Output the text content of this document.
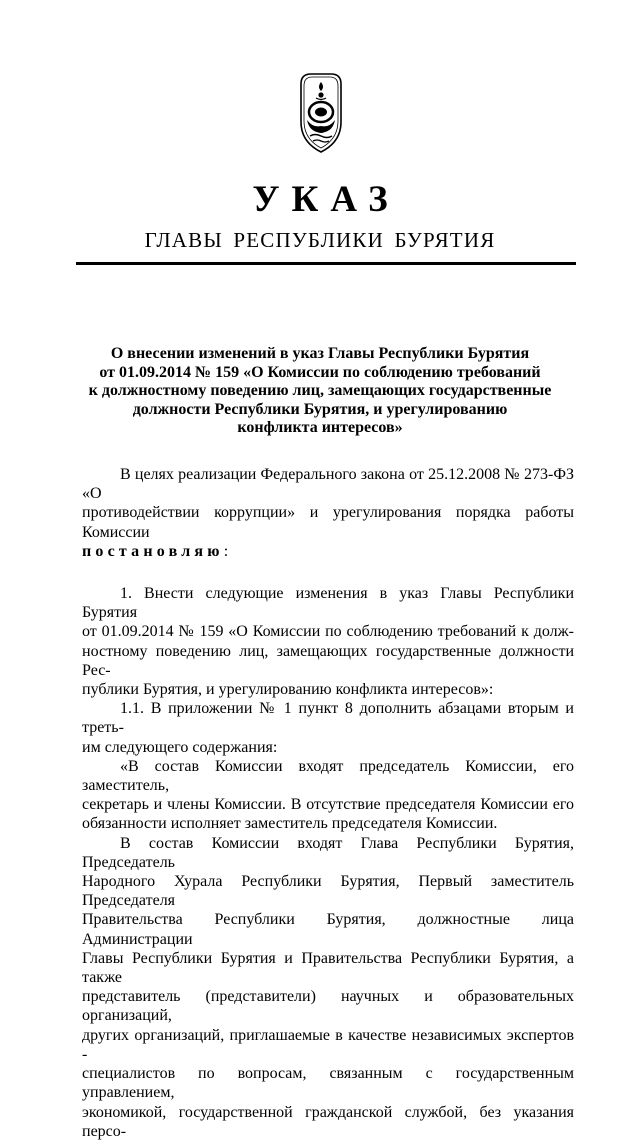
УКАЗ
ГЛАВЫ РЕСПУБЛИКИ БУРЯТИЯ
О внесении изменений в указ Главы Республики Бурятия
от 01.09.2014 № 159 «О Комиссии по соблюдению требований
к должностному поведению лиц, замещающих государственные
должности Республики Бурятия, и урегулированию
конфликта интересов»

В целях реализации Федерального закона от 25.12.2008 № 273-ФЗ «О

противодействии коррупции» и урегулирования порядка работы Комиссии

постановляю:

1. Внести следующие изменения в указ Главы Республики Бурятия

от 01.09.2014 № 159 «О Комиссии по соблюдению требований к долж-

ностному поведению лиц, замещающих государственные должности Рес-

публики Бурятия, и урегулированию конфликта интересов»:

1.1. В приложении № 1 пункт 8 дополнить абзацами вторым и треть-

им следующего содержания:

«В состав Комиссии входят председатель Комиссии, его заместитель,

секретарь и члены Комиссии. В отсутствие председателя Комиссии его

обязанности исполняет заместитель председателя Комиссии.

В состав Комиссии входят Глава Республики Бурятия, Председатель

Народного Хурала Республики Бурятия, Первый заместитель Председателя

Правительства Республики Бурятия, должностные лица Администрации

Главы Республики Бурятия и Правительства Республики Бурятия, а также

представитель (представители) научных и образовательных организаций,

других организаций, приглашаемые в качестве независимых экспертов -

специалистов по вопросам, связанным с государственным управлением,

экономикой, государственной гражданской службой, без указания персо-
